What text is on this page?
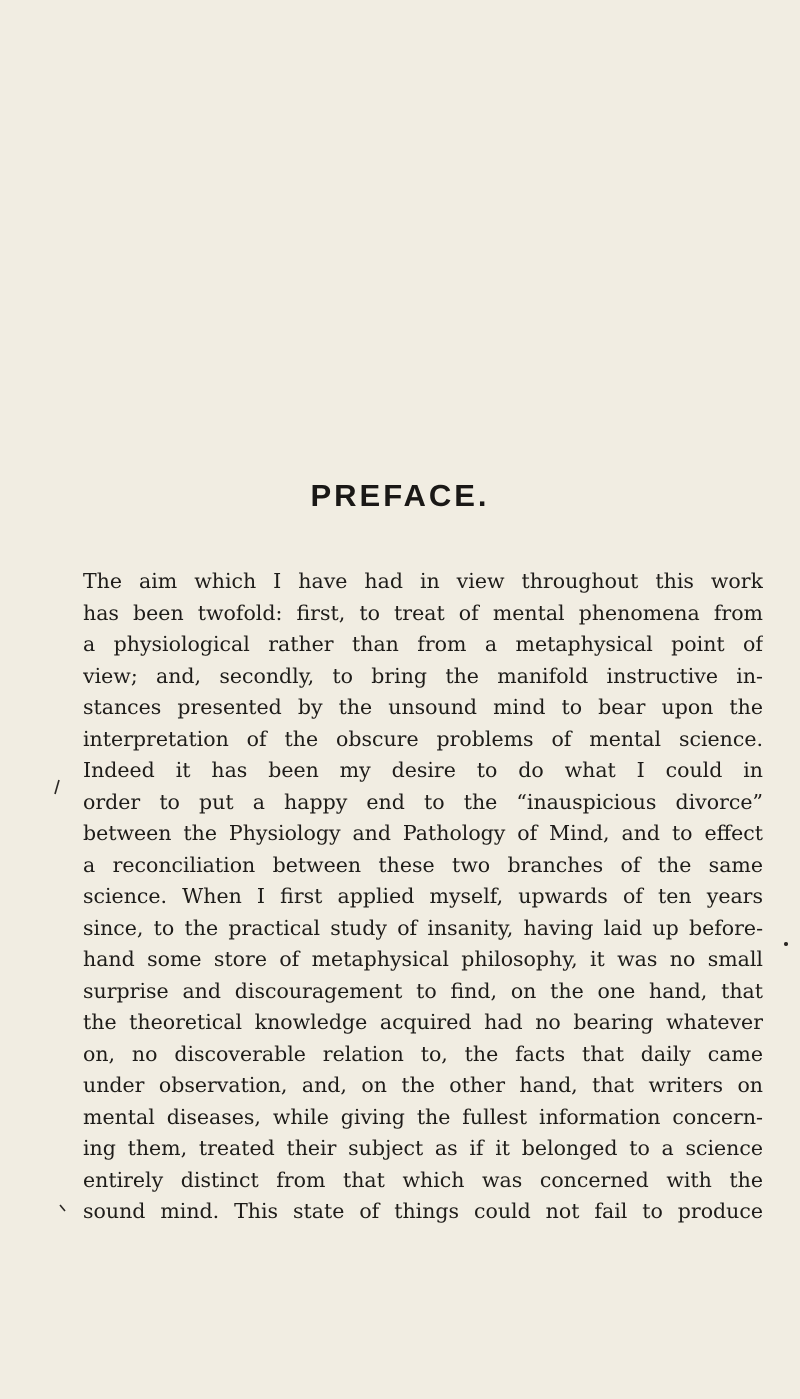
PREFACE.
The aim which I have had in view throughout this work
has been twofold: first, to treat of mental phenomena from
a physiological rather than from a metaphysical point of
view; and, secondly, to bring the manifold instructive in-
stances presented by the unsound mind to bear upon the
interpretation of the obscure problems of mental science.
Indeed it has been my desire to do what I could in
order to put a happy end to the “inauspicious divorce”
between the Physiology and Pathology of Mind, and to effect
a reconciliation between these two branches of the same
science. When I first applied myself, upwards of ten years
since, to the practical study of insanity, having laid up before-
hand some store of metaphysical philosophy, it was no small
surprise and discouragement to find, on the one hand, that
the theoretical knowledge acquired had no bearing whatever
on, no discoverable relation to, the facts that daily came
under observation, and, on the other hand, that writers on
mental diseases, while giving the fullest information concern-
ing them, treated their subject as if it belonged to a science
entirely distinct from that which was concerned with the
sound mind. This state of things could not fail to produce
